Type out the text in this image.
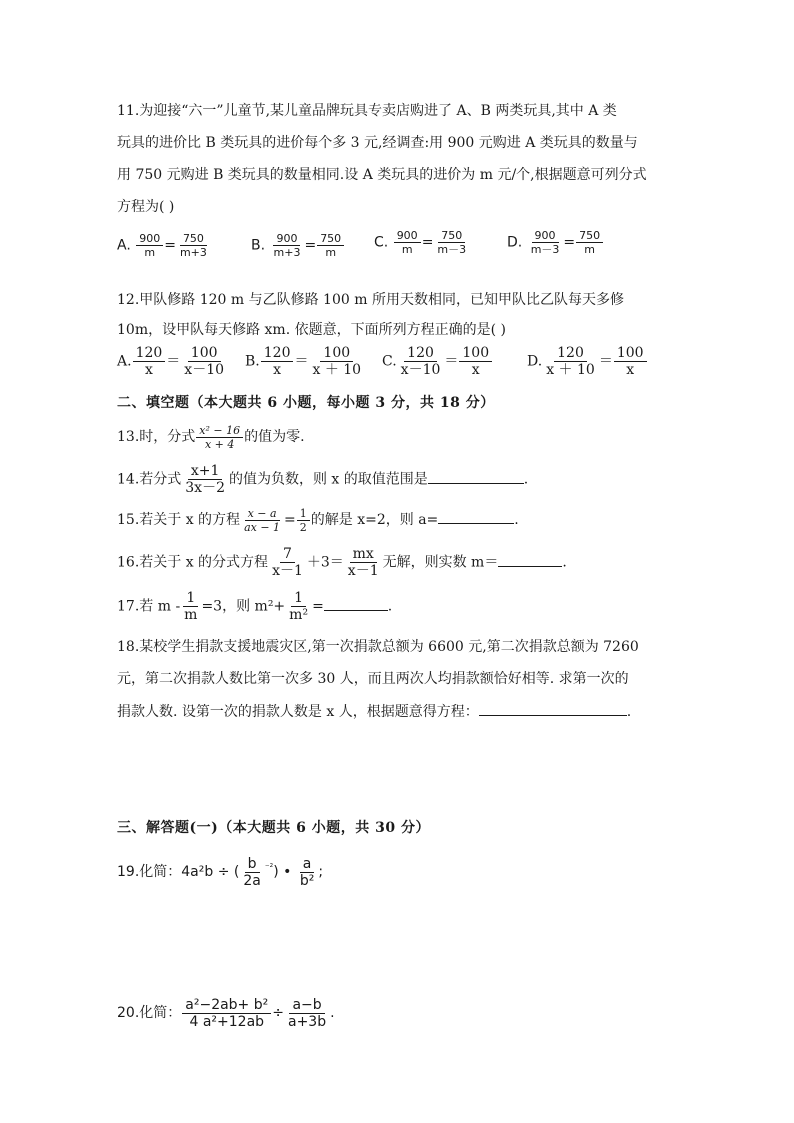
11.为迎接“六一”儿童节,某儿童品牌玩具专卖店购进了 A、B 两类玩具,其中 A 类
玩具的进价比 B 类玩具的进价每个多 3 元,经调查:用 900 元购进 A 类玩具的数量与
用 750 元购进 B 类玩具的数量相同.设 A 类玩具的进价为 m 元/个,根据题意可列分式
方程为( )
A. $\frac{900}{m} = \frac{750}{m+3}$	B. $\frac{900}{m+3} = \frac{750}{m} C$. $\frac{900}{m} = \frac{750}{m-3}$	D. $\frac{900}{m-3} = \frac{750}{m}$
12.甲队修路 120 m 与乙队修路 100 m 所用天数相同，已知甲队比乙队每天多修
10m，设甲队每天修路 xm. 依题意，下面所列方程正确的是( )
A. $\frac{120}{x} = \frac{100}{x-10} B$. $\frac{120}{x} = \frac{100}{x + 10} C$. $\frac{120}{x-10} = \frac{100}{x} D$. $\frac{120}{x + 10} = \frac{100}{x}$
二、填空题（本大题共 6 小题，每小题 3 分，共 18 分）
13.时，分式 $\frac{\text{x² − 16}}{x + 4}$ 的值为零.
14.若分式 $\frac{x+1}{3x-2}$ 的值为负数，则 x 的取值范围是	.
15.若关于 x 的方程 $\frac{x - a}{ax - 1} = \frac{1}{2}$ 的解是 x=2，则 a=	.
16.若关于 x 的分式方程 $\frac{7}{x-1} +3= \frac{mx}{x-1}$ 无解，则实数 m＝	.
17.若 $m - \frac{1}{m} =3$，则 $m^2+ \frac{1}{\text{m²}}$ =	.
18.某校学生捐款支援地震灾区,第一次捐款总额为 6600 元,第二次捐款总额为 7260
元，第二次捐款人数比第一次多 30 人，而且两次人均捐款额恰好相等. 求第一次的
捐款人数. 设第一次的捐款人数是 x 人，根据题意得方程：	.
三、解答题(一)（本大题共 6 小题，共 30 分）
19.化简：4a²b ÷ ( $\frac{b}{2a} ^{^{-2}}$) • $\frac{a}{\text{b²}}$ ;
20.化简： $\frac{\text{a²−2ab+ b²}}{\text{4 a²+12ab}} \div \frac{a-b}{a+3b}$ .
